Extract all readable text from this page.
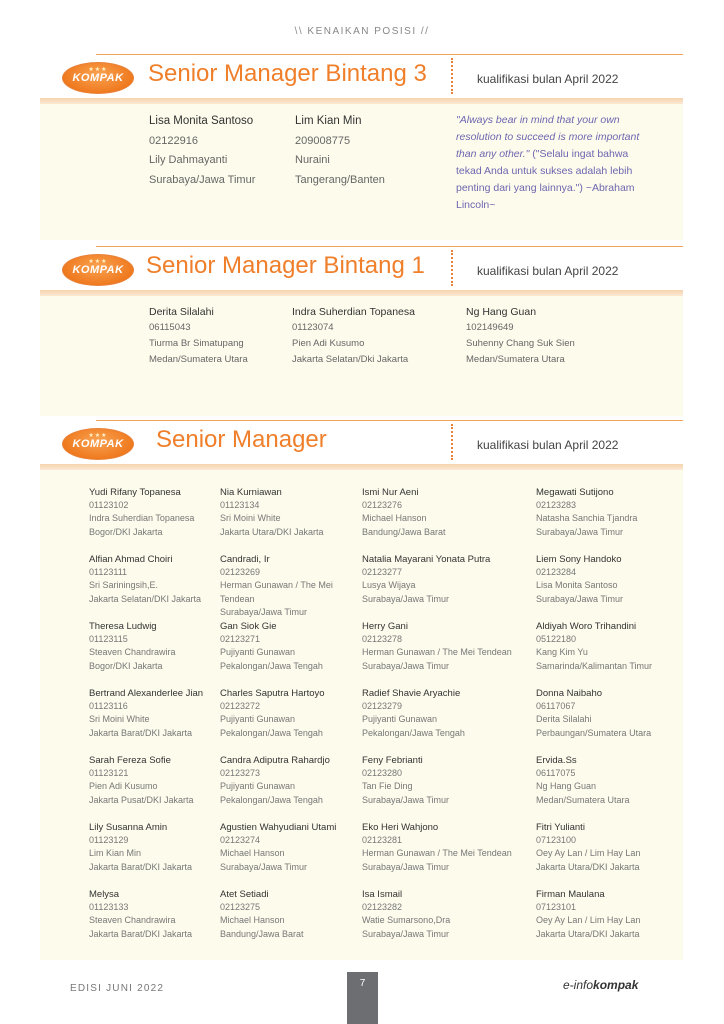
\\ KENAIKAN POSISI //
★★★
KOMPAK Senior Manager Bintang 3	kualifikasi bulan April 2022
Lisa Monita Santoso
02122916
Lily Dahmayanti
Surabaya/Jawa Timur
Lim Kian Min
209008775
Nuraini
Tangerang/Banten
"Always bear in mind that your own resolution to succeed is more important than any other." ("Selalu ingat bahwa tekad Anda untuk sukses adalah lebih penting dari yang lainnya.") ~Abraham Lincoln~
★★★
KOMPAK Senior Manager Bintang 1	kualifikasi bulan April 2022
Derita Silalahi
06115043
Tiurma Br Simatupang
Medan/Sumatera Utara
Indra Suherdian Topanesa
01123074
Pien Adi Kusumo
Jakarta Selatan/Dki Jakarta
Ng Hang Guan
102149649
Suhenny Chang Suk Sien
Medan/Sumatera Utara
★★★
KOMPAK Senior Manager	kualifikasi bulan April 2022
Yudi Rifany Topanesa
01123102
Indra Suherdian Topanesa
Bogor/DKI Jakarta
Alfian Ahmad Choiri
01123111
Sri Sariningsih,E.
Jakarta Selatan/DKI Jakarta
Theresa Ludwig
01123115
Steaven Chandrawira
Bogor/DKI Jakarta
Bertrand Alexanderlee Jian
01123116
Sri Moini White
Jakarta Barat/DKI Jakarta
Sarah Fereza Sofie
01123121
Pien Adi Kusumo
Jakarta Pusat/DKI Jakarta
Lily Susanna Amin
01123129
Lim Kian Min
Jakarta Barat/DKI Jakarta
Melysa
01123133
Steaven Chandrawira
Jakarta Barat/DKI Jakarta
Nia Kurniawan
01123134
Sri Moini White
Jakarta Utara/DKI Jakarta
Candradi, Ir
02123269
Herman Gunawan / The Mei
Tendean
Surabaya/Jawa Timur
Gan Siok Gie
02123271
Pujiyanti Gunawan
Pekalongan/Jawa Tengah
Charles Saputra Hartoyo
02123272
Pujiyanti Gunawan
Pekalongan/Jawa Tengah
Candra Adiputra Rahardjo
02123273
Pujiyanti Gunawan
Pekalongan/Jawa Tengah
Agustien Wahyudiani Utami
02123274
Michael Hanson
Surabaya/Jawa Timur
Atet Setiadi
02123275
Michael Hanson
Bandung/Jawa Barat
Ismi Nur Aeni
02123276
Michael Hanson
Bandung/Jawa Barat
Natalia Mayarani Yonata Putra
02123277
Lusya Wijaya
Surabaya/Jawa Timur
Herry Gani
02123278
Herman Gunawan / The Mei Tendean
Surabaya/Jawa Timur
Radief Shavie Aryachie
02123279
Pujiyanti Gunawan
Pekalongan/Jawa Tengah
Feny Febrianti
02123280
Tan Fie Ding
Surabaya/Jawa Timur
Eko Heri Wahjono
02123281
Herman Gunawan / The Mei Tendean
Surabaya/Jawa Timur
Isa Ismail
02123282
Watie Sumarsono,Dra
Surabaya/Jawa Timur
Megawati Sutijono
02123283
Natasha Sanchia Tjandra
Surabaya/Jawa Timur
Liem Sony Handoko
02123284
Lisa Monita Santoso
Surabaya/Jawa Timur
Aldiyah Woro Trihandini
05122180
Kang Kim Yu
Samarinda/Kalimantan Timur
Donna Naibaho
06117067
Derita Silalahi
Perbaungan/Sumatera Utara
Ervida.Ss
06117075
Ng Hang Guan
Medan/Sumatera Utara
Fitri Yulianti
07123100
Oey Ay Lan / Lim Hay Lan
Jakarta Utara/DKI Jakarta
Firman Maulana
07123101
Oey Ay Lan / Lim Hay Lan
Jakarta Utara/DKI Jakarta
EDISI JUNI 2022	7	e-infokompak
